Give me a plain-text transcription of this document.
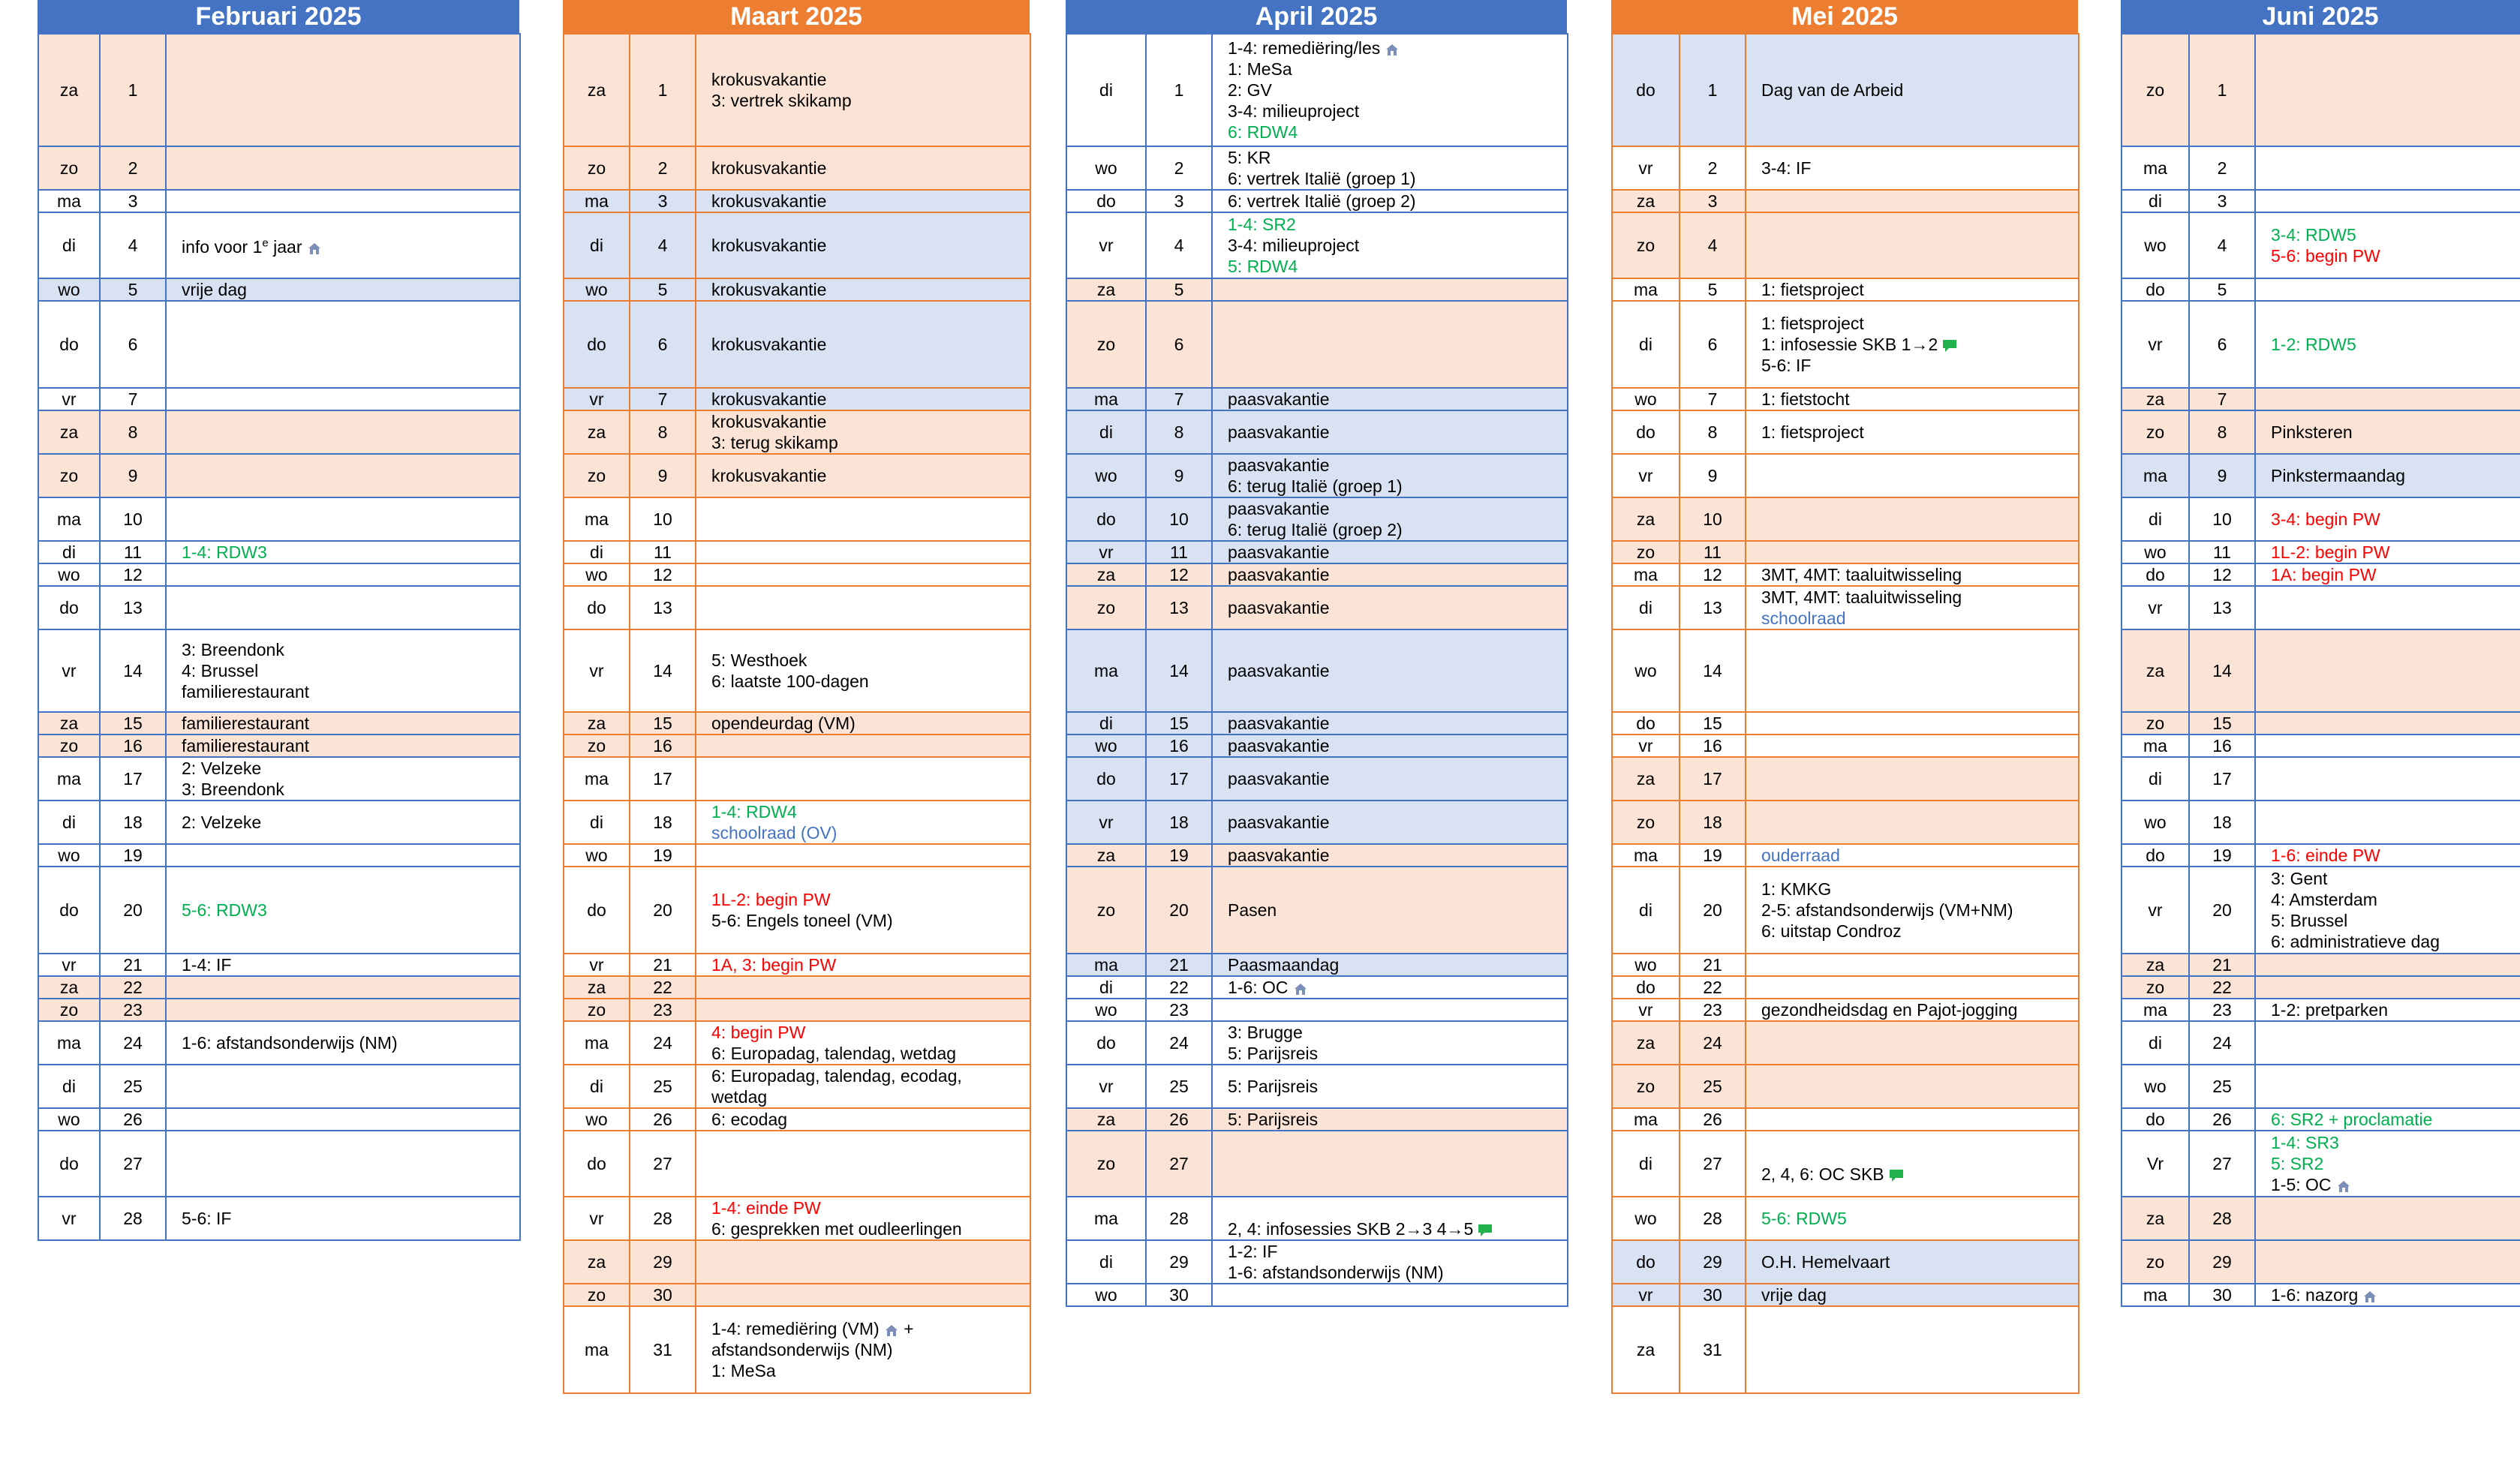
Februari 2025
za	1	
zo	2	
ma	3	
di	4	info voor 1e jaar

wo	5	vrije dag

do	6	
vr	7	
za	8	
zo	9	
ma	10	
di	11	1-4: RDW3

wo	12	
do	13	
vr	14	3: Breendonk
4: Brussel
familierestaurant

za	15	familierestaurant

zo	16	familierestaurant

ma	17	2: Velzeke
3: Breendonk

di	18	2: Velzeke

wo	19	
do	20	5-6: RDW3

vr	21	1-4: IF

za	22	
zo	23	
ma	24	1-6: afstandsonderwijs (NM)

di	25	
wo	26	
do	27	
vr	28	5-6: IF
Maart 2025
za	1	krokusvakantie
3: vertrek skikamp

zo	2	krokusvakantie

ma	3	krokusvakantie

di	4	krokusvakantie

wo	5	krokusvakantie

do	6	krokusvakantie

vr	7	krokusvakantie

za	8	krokusvakantie
3: terug skikamp

zo	9	krokusvakantie

ma	10	
di	11	
wo	12	
do	13	
vr	14	5: Westhoek
6: laatste 100-dagen

za	15	opendeurdag (VM)

zo	16	
ma	17	
di	18	1-4: RDW4
schoolraad (OV)

wo	19	
do	20	1L-2: begin PW
5-6: Engels toneel (VM)

vr	21	1A, 3: begin PW

za	22	
zo	23	
ma	24	4: begin PW
6: Europadag, talendag, wetdag

di	25	6: Europadag, talendag, ecodag,
wetdag

wo	26	6: ecodag

do	27	
vr	28	1-4: einde PW
6: gesprekken met oudleerlingen

za	29	
zo	30	
ma	31	1-4: remediëring (VM) +
afstandsonderwijs (NM)
1: MeSa
April 2025
di	1	1-4: remediëring/les
1: MeSa
2: GV
3-4: milieuproject
6: RDW4

wo	2	5: KR
6: vertrek Italië (groep 1)

do	3	6: vertrek Italië (groep 2)

vr	4	1-4: SR2
3-4: milieuproject
5: RDW4

za	5	
zo	6	
ma	7	paasvakantie

di	8	paasvakantie

wo	9	paasvakantie
6: terug Italië (groep 1)

do	10	paasvakantie
6: terug Italië (groep 2)

vr	11	paasvakantie

za	12	paasvakantie

zo	13	paasvakantie

ma	14	paasvakantie

di	15	paasvakantie

wo	16	paasvakantie

do	17	paasvakantie

vr	18	paasvakantie

za	19	paasvakantie

zo	20	Pasen

ma	21	Paasmaandag

di	22	1-6: OC

wo	23	
do	24	3: Brugge
5: Parijsreis

vr	25	5: Parijsreis

za	26	5: Parijsreis

zo	27	
ma	28	2, 4: infosessies SKB 2→3 4→5

di	29	1-2: IF
1-6: afstandsonderwijs (NM)

wo	30	
Mei 2025
do	1	Dag van de Arbeid

vr	2	3-4: IF

za	3	
zo	4	
ma	5	1: fietsproject

di	6	1: fietsproject
1: infosessie SKB 1→2
5-6: IF

wo	7	1: fietstocht

do	8	1: fietsproject

vr	9	
za	10	
zo	11	
ma	12	3MT, 4MT: taaluitwisseling

di	13	3MT, 4MT: taaluitwisseling
schoolraad

wo	14	
do	15	
vr	16	
za	17	
zo	18	
ma	19	ouderraad

di	20	1: KMKG
2-5: afstandsonderwijs (VM+NM)
6: uitstap Condroz

wo	21	
do	22	
vr	23	gezondheidsdag en Pajot-jogging

za	24	
zo	25	
ma	26	
di	27	2, 4, 6: OC SKB

wo	28	5-6: RDW5

do	29	O.H. Hemelvaart

vr	30	vrije dag

za	31	
Juni 2025
zo	1	
ma	2	
di	3	
wo	4	3-4: RDW5
5-6: begin PW

do	5	
vr	6	1-2: RDW5

za	7	
zo	8	Pinksteren

ma	9	Pinkstermaandag

di	10	3-4: begin PW

wo	11	1L-2: begin PW

do	12	1A: begin PW

vr	13	
za	14	
zo	15	
ma	16	
di	17	
wo	18	
do	19	1-6: einde PW

vr	20	3: Gent
4: Amsterdam
5: Brussel
6: administratieve dag

za	21	
zo	22	
ma	23	1-2: pretparken

di	24	
wo	25	
do	26	6: SR2 + proclamatie

Vr	27	1-4: SR3
5: SR2
1-5: OC

za	28	
zo	29	
ma	30	1-6: nazorg
